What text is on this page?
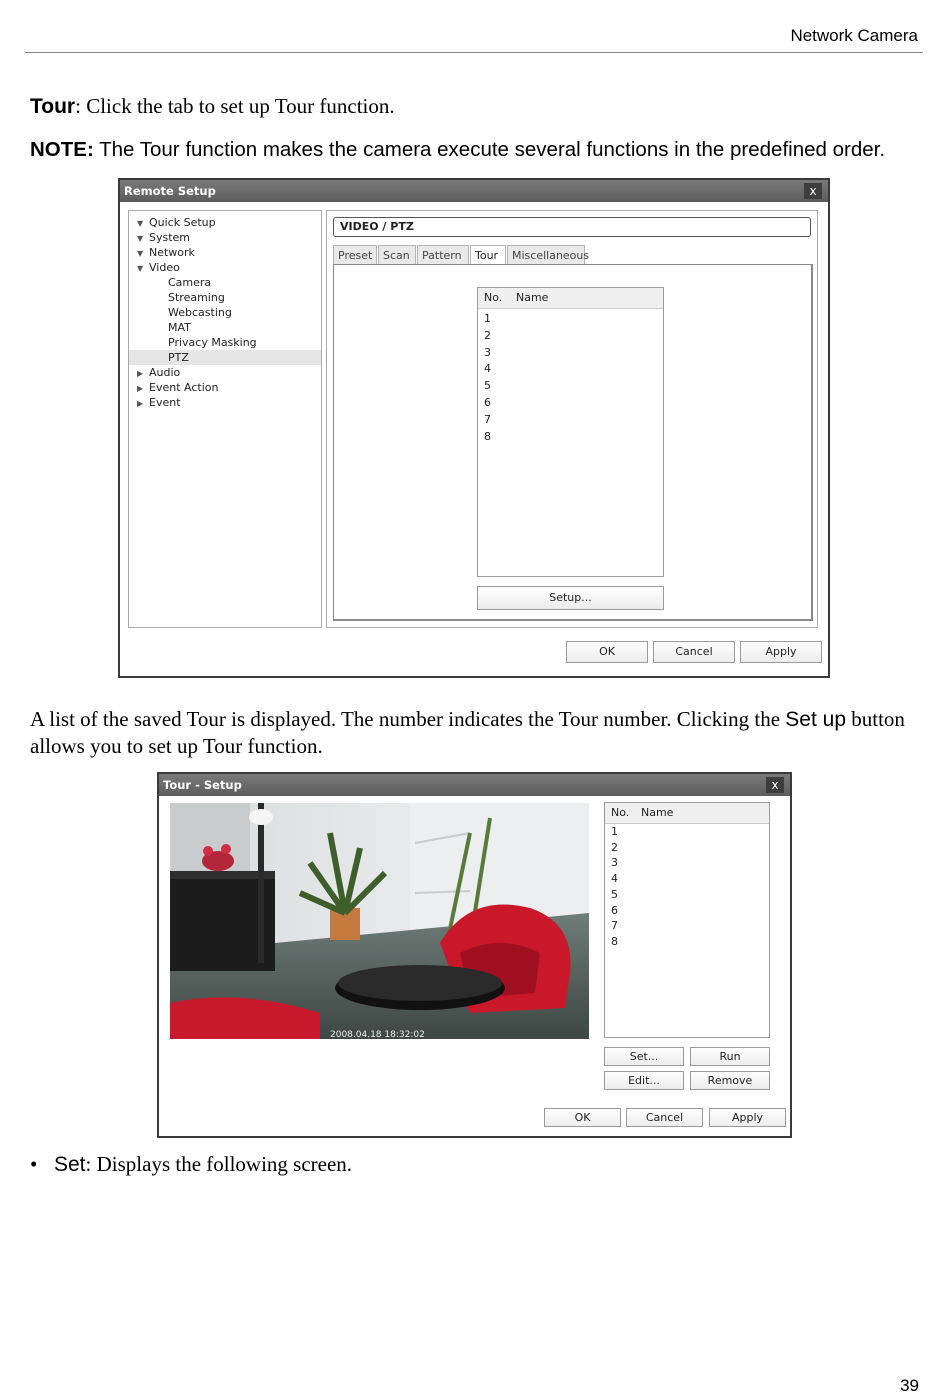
Network Camera
Tour: Click the tab to set up Tour function.
NOTE: The Tour function makes the camera execute several functions in the predefined order.
Remote Setup	x
▼ Quick Setup
▼ System
▼ Network
▼ Video
Camera
Streaming
Webcasting
MAT
Privacy Masking
PTZ
▶ Audio
▶ Event Action
▶ Event
VIDEO / PTZ
Preset Scan	Pattern	Tour	Miscellaneous
No. Name
1
2
3
4
5
6
7
8
Setup...
OK	Cancel	Apply
A list of the saved Tour is displayed. The number indicates the Tour number. Clicking the Set up button allows you to set up Tour function.
Tour - Setup	x
2008.04.18 18:32:02
No. Name
1
2
3
4
5
6
7
8
Set...	Run
Edit...	Remove
OK	Cancel	Apply
• Set: Displays the following screen.
39
